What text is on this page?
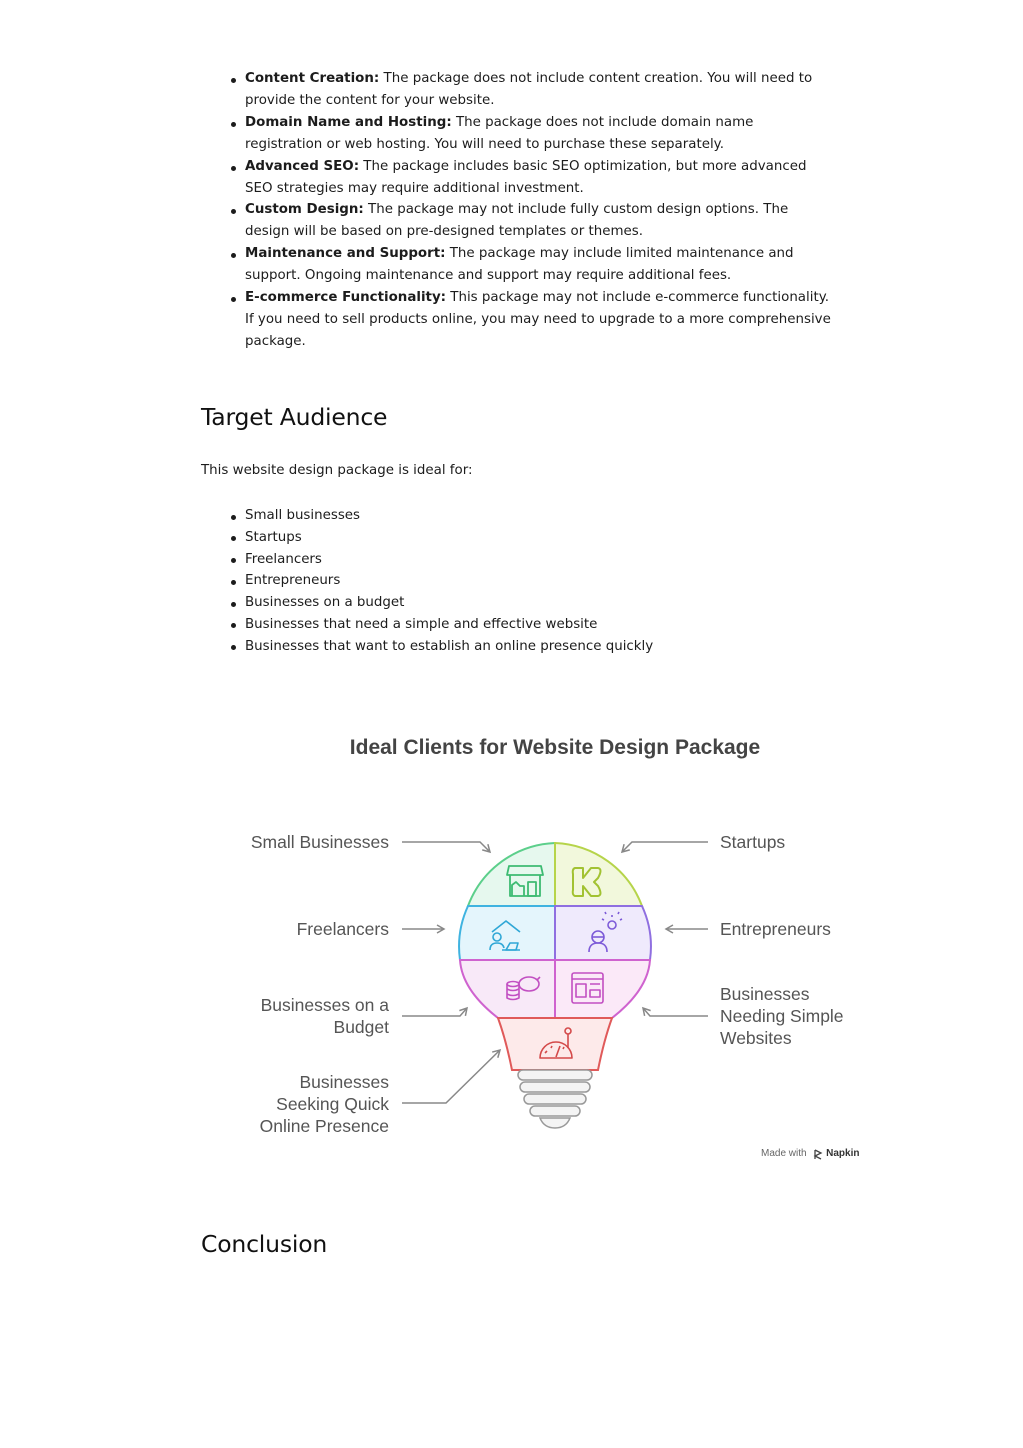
Content Creation: The package does not include content creation. You will need to provide the content for your website.
Domain Name and Hosting: The package does not include domain name registration or web hosting. You will need to purchase these separately.
Advanced SEO: The package includes basic SEO optimization, but more advanced SEO strategies may require additional investment.
Custom Design: The package may not include fully custom design options. The design will be based on pre-designed templates or themes.
Maintenance and Support: The package may include limited maintenance and support. Ongoing maintenance and support may require additional fees.
E-commerce Functionality: This package may not include e-commerce functionality. If you need to sell products online, you may need to upgrade to a more comprehensive package.
Target Audience

This website design package is ideal for:

Small businesses
Startups
Freelancers
Entrepreneurs
Businesses on a budget
Businesses that need a simple and effective website
Businesses that want to establish an online presence quickly
Ideal Clients for Website Design Package
Small Businesses	Startups
Freelancers	Entrepreneurs
Businesses on a
Budget
Businesses
Needing Simple
Websites
Businesses
Seeking Quick
Online Presence
Made with Napkin
Conclusion
